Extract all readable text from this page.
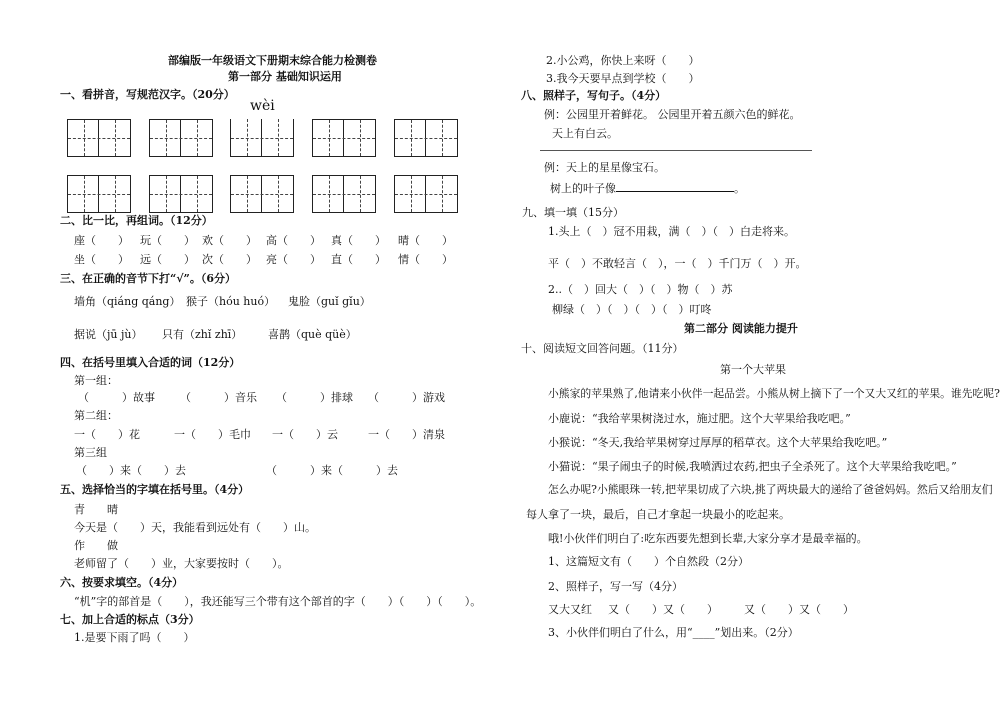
部编版一年级语文下册期末综合能力检测卷
第一部分 基础知识运用
一、看拼音，写规范汉字。（20分）
wèi
二、比一比，再组词。（12分）
座（　　） 玩（　　） 欢（　　） 高（　　） 真（　　） 晴（　　）
坐（　　） 远（　　） 次（　　） 亮（　　） 直（　　） 情（　　）
三、在正确的音节下打“√”。（6分）
墙角（qiáng qáng） 猴子（hóu huó） 鬼脸（guǐ gǐu）
据说（jū jù） 只有（zhǐ zhī） 喜鹊（què qüè）
四、在括号里填入合适的词（12分）
第一组：
（　　　）故事 （　　　）音乐 （　　　）排球 （　　　）游戏
第二组：
一（　　）花	一（　　）毛巾 一（　　）云	一（　　）清泉
第三组
（　　）来（　　）去	（　　　）来（　　　）去
五、选择恰当的字填在括号里。（4分）
青　　晴
今天是（　　）天，我能看到远处有（　　）山。
作　　做
老师留了（　　）业，大家要按时（　　）。
六、按要求填空。（4分）
“机”字的部首是（　　），我还能写三个带有这个部首的字（　　）（　　）（　　）。
七、加上合适的标点（3分）
1.是要下雨了吗（　　）
2.小公鸡，你快上来呀（　　）
3.我今天要早点到学校（　　）
八、照样子，写句子。（4分）
例：公园里开着鲜花。 公园里开着五颜六色的鲜花。
天上有白云。
例：天上的星星像宝石。
树上的叶子像	。
九、填一填（15分）
1.头上（　）冠不用栽，满（　）（　）白走将来。
平（　）不敢轻言（　），一（　）千门万（　）开。
2..（　）回大（　）（　）物（　）苏
柳绿（　）（　）（　）（　）叮咚
第二部分 阅读能力提升
十、阅读短文回答问题。（11分）
第一个大苹果
小熊家的苹果熟了,他请来小伙伴一起品尝。小熊从树上摘下了一个又大又红的苹果。谁先吃呢?
小鹿说：“我给苹果树浇过水，施过肥。这个大苹果给我吃吧。”
小猴说：“冬天,我给苹果树穿过厚厚的稻草衣。这个大苹果给我吃吧。”
小猫说：“果子闹虫子的时候,我喷洒过农药,把虫子全杀死了。这个大苹果给我吃吧。”
怎么办呢?小熊眼珠一转,把苹果切成了六块,挑了两块最大的递给了爸爸妈妈。然后又给朋友们
每人拿了一块，最后，自己才拿起一块最小的吃起来。
哦!小伙伴们明白了:吃东西要先想到长辈,大家分享才是最幸福的。
1、这篇短文有（　　）个自然段（2分）
2、照样子，写一写（4分）
又大又红 又（　　）又（　　） 又（　　）又（　　）
3、小伙伴们明白了什么，用“____”划出来。（2分）
